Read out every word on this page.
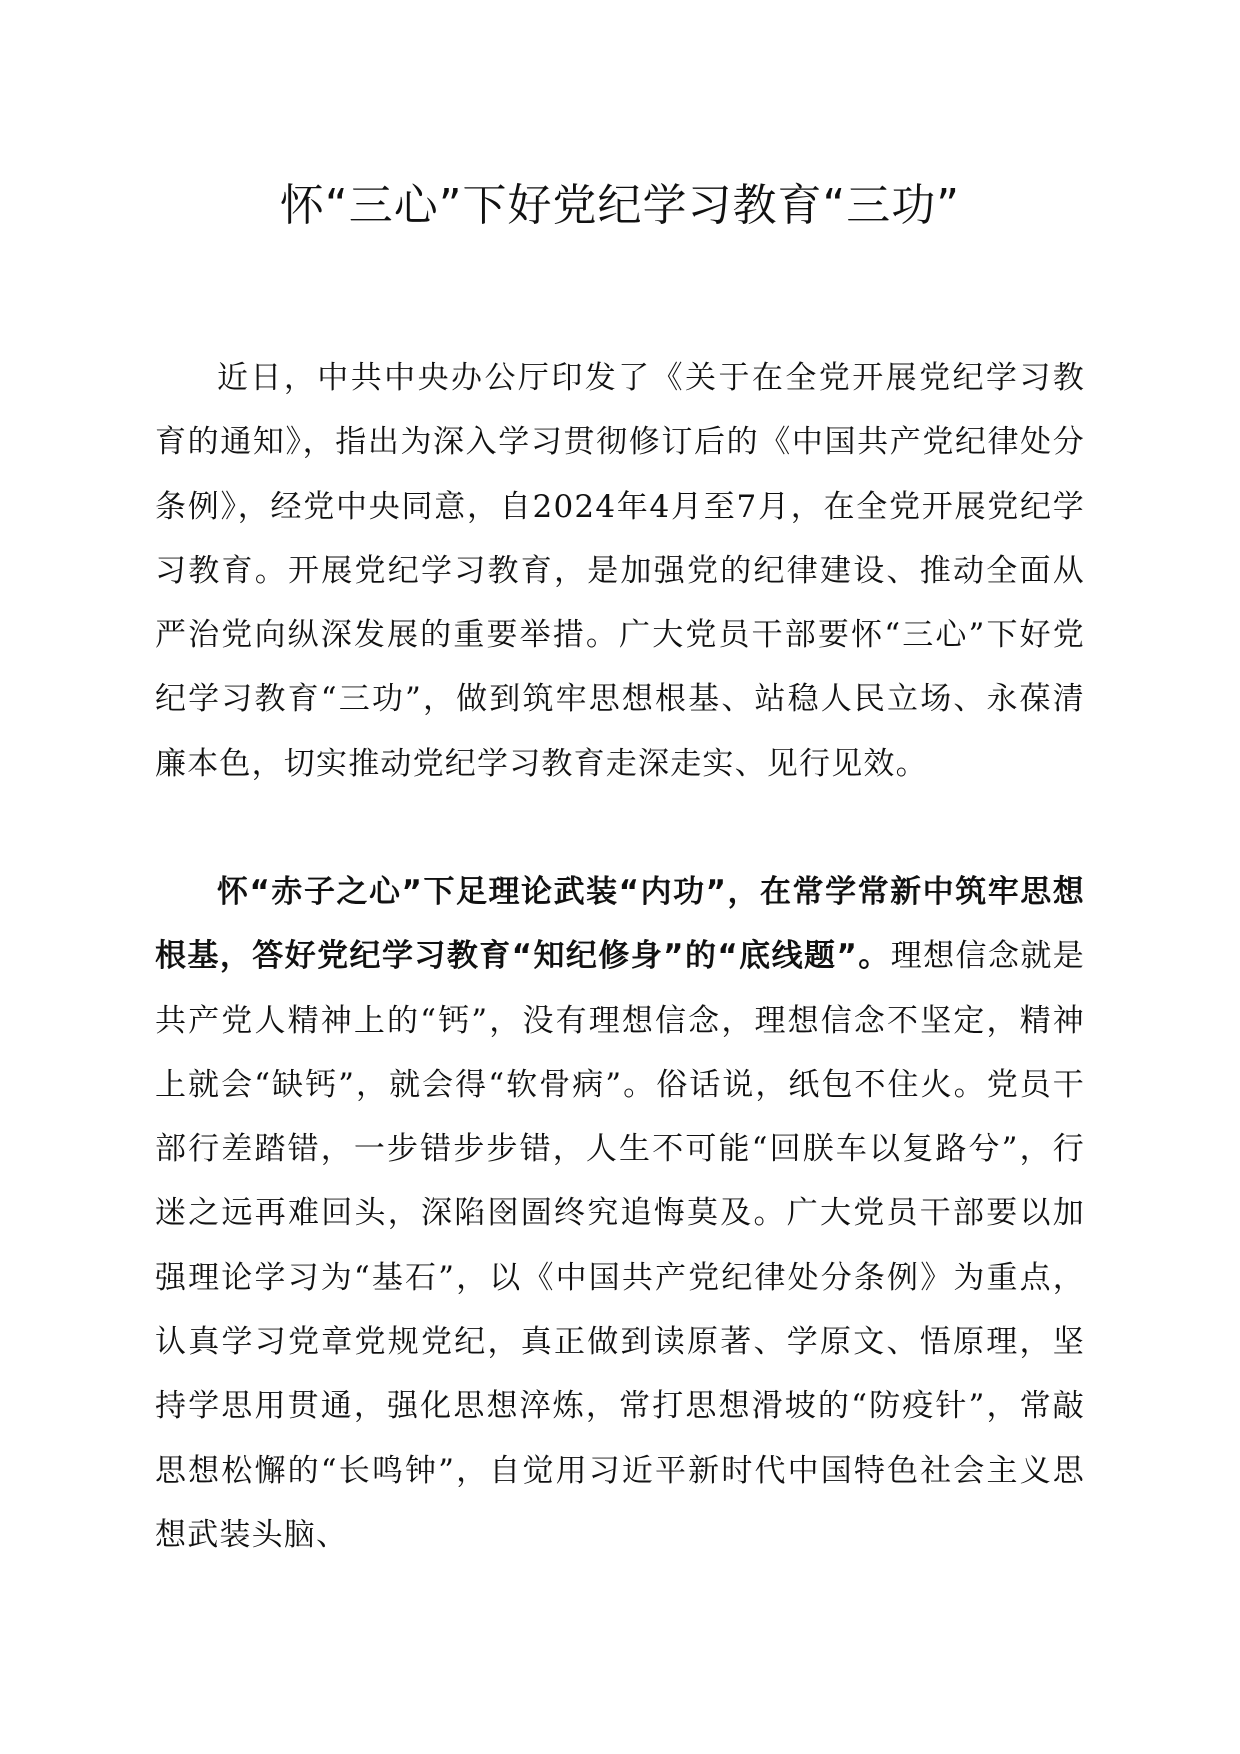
怀“三心”下好党纪学习教育“三功”

近日，中共中央办公厅印发了《关于在全党开展党纪学习教育的通知》，指出为深入学习贯彻修订后的《中国共产党纪律处分条例》，经党中央同意，自2024年4月至7月，在全党开展党纪学习教育。开展党纪学习教育，是加强党的纪律建设、推动全面从严治党向纵深发展的重要举措。广大党员干部要怀“三心”下好党纪学习教育“三功”，做到筑牢思想根基、站稳人民立场、永葆清廉本色，切实推动党纪学习教育走深走实、见行见效。

怀“赤子之心”下足理论武装“内功”，在常学常新中筑牢思想根基，答好党纪学习教育“知纪修身”的“底线题”。理想信念就是共产党人精神上的“钙”，没有理想信念，理想信念不坚定，精神上就会“缺钙”，就会得“软骨病”。俗话说，纸包不住火。党员干部行差踏错，一步错步步错，人生不可能“回朕车以复路兮”，行迷之远再难回头，深陷囹圄终究追悔莫及。广大党员干部要以加强理论学习为“基石”，以《中国共产党纪律处分条例》为重点，认真学习党章党规党纪，真正做到读原著、学原文、悟原理，坚持学思用贯通，强化思想淬炼，常打思想滑坡的“防疫针”，常敲思想松懈的“长鸣钟”，自觉用习近平新时代中国特色社会主义思想武装头脑、
